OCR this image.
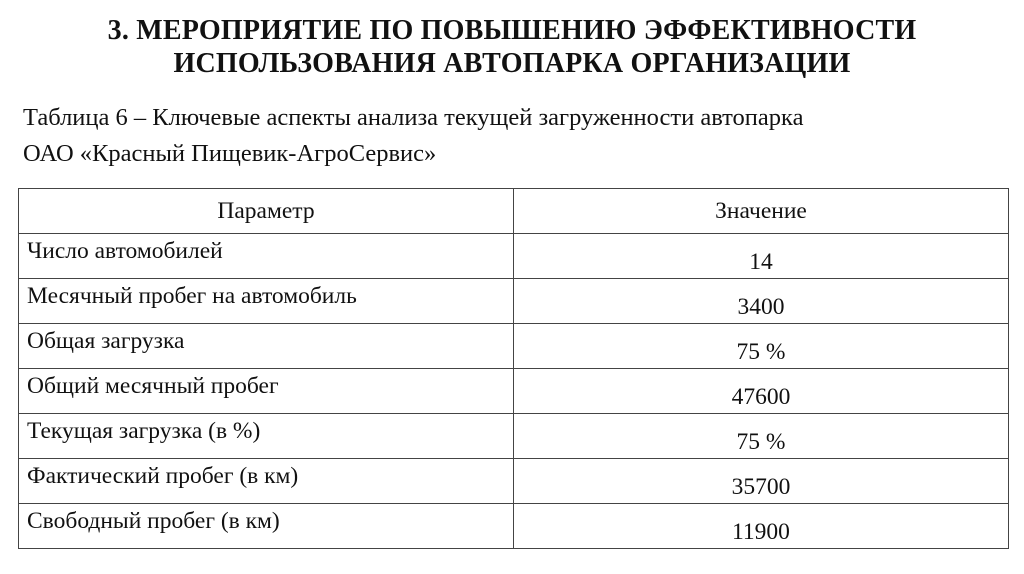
3. МЕРОПРИЯТИЕ ПО ПОВЫШЕНИЮ ЭФФЕКТИВНОСТИ
ИСПОЛЬЗОВАНИЯ АВТОПАРКА ОРГАНИЗАЦИИ
Таблица 6 – Ключевые аспекты анализа текущей загруженности автопарка
ОАО «Красный Пищевик-АгроСервис»
Параметр	Значение
Число автомобилей	14
Месячный пробег на автомобиль	3400
Общая загрузка	75 %
Общий месячный пробег	47600
Текущая загрузка (в %)	75 %
Фактический пробег (в км)	35700
Свободный пробег (в км)	11900
